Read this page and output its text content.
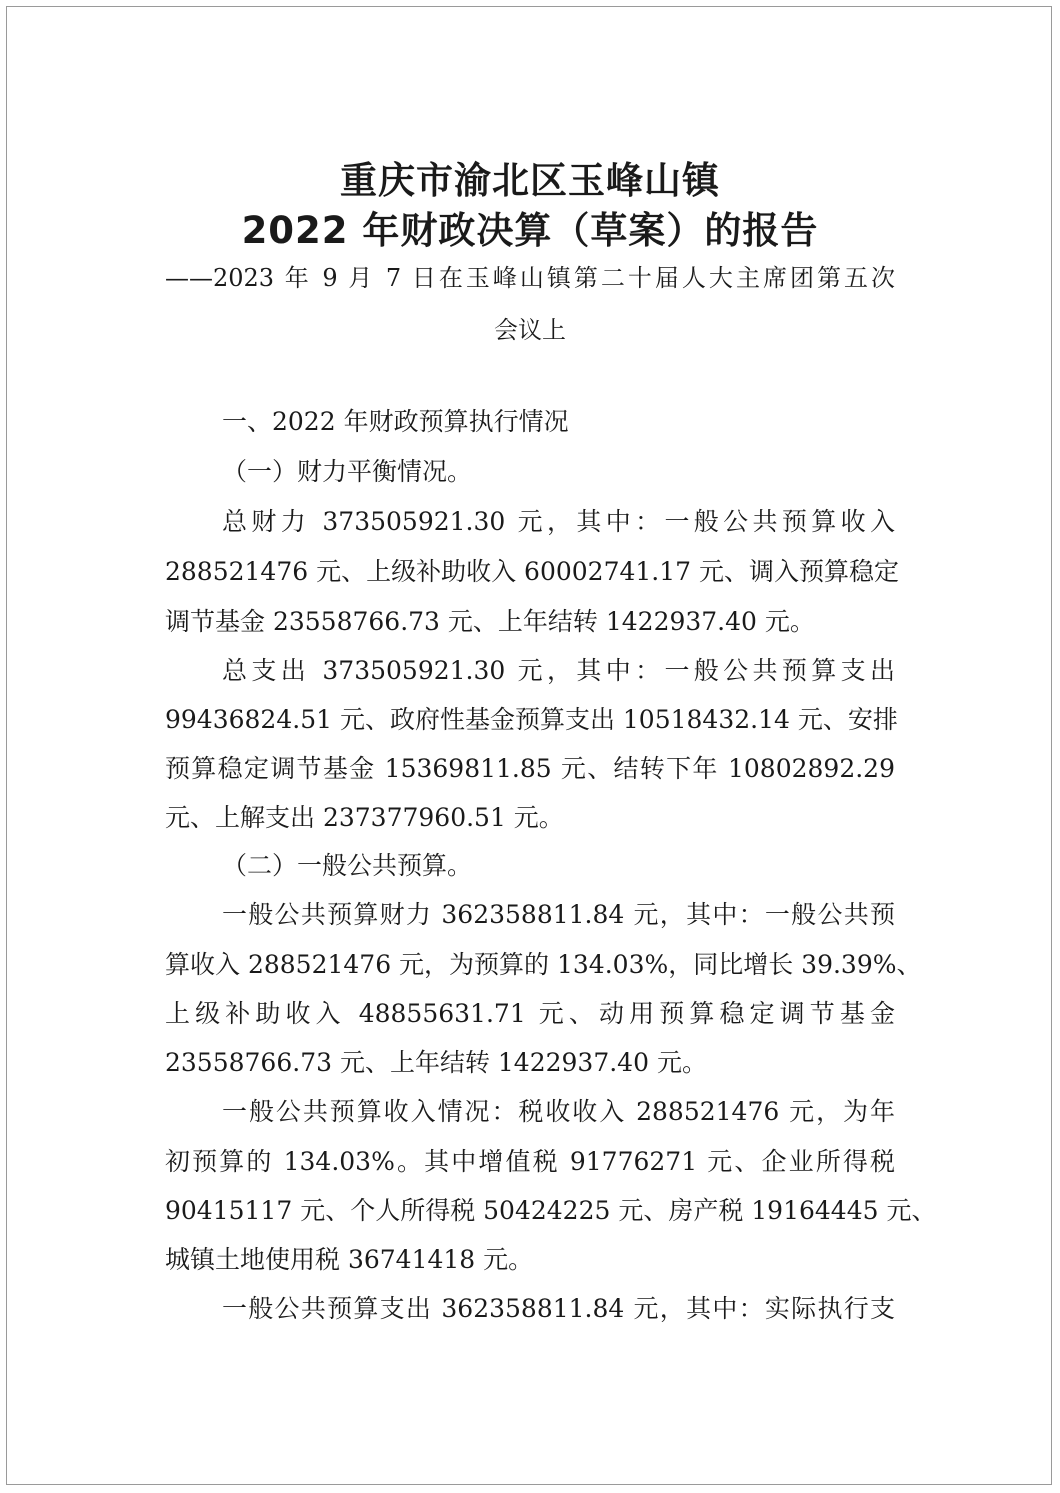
重庆市渝北区玉峰山镇
2022 年财政决算（草案）的报告
——2023 年 9 月 7 日在玉峰山镇第二十届人大主席团第五次
会议上
一、2022 年财政预算执行情况
（一）财力平衡情况。
总财力 373505921.30 元，其中：一般公共预算收入
288521476 元、上级补助收入 60002741.17 元、调入预算稳定
调节基金 23558766.73 元、上年结转 1422937.40 元。
总支出 373505921.30 元，其中：一般公共预算支出
99436824.51 元、政府性基金预算支出 10518432.14 元、安排
预算稳定调节基金 15369811.85 元、结转下年 10802892.29
元、上解支出 237377960.51 元。
（二）一般公共预算。
一般公共预算财力 362358811.84 元，其中：一般公共预
算收入 288521476 元，为预算的 134.03%，同比增长 39.39%、
上级补助收入 48855631.71 元、动用预算稳定调节基金
23558766.73 元、上年结转 1422937.40 元。
一般公共预算收入情况：税收收入 288521476 元，为年
初预算的 134.03%。其中增值税 91776271 元、企业所得税
90415117 元、个人所得税 50424225 元、房产税 19164445 元、
城镇土地使用税 36741418 元。
一般公共预算支出 362358811.84 元，其中：实际执行支
